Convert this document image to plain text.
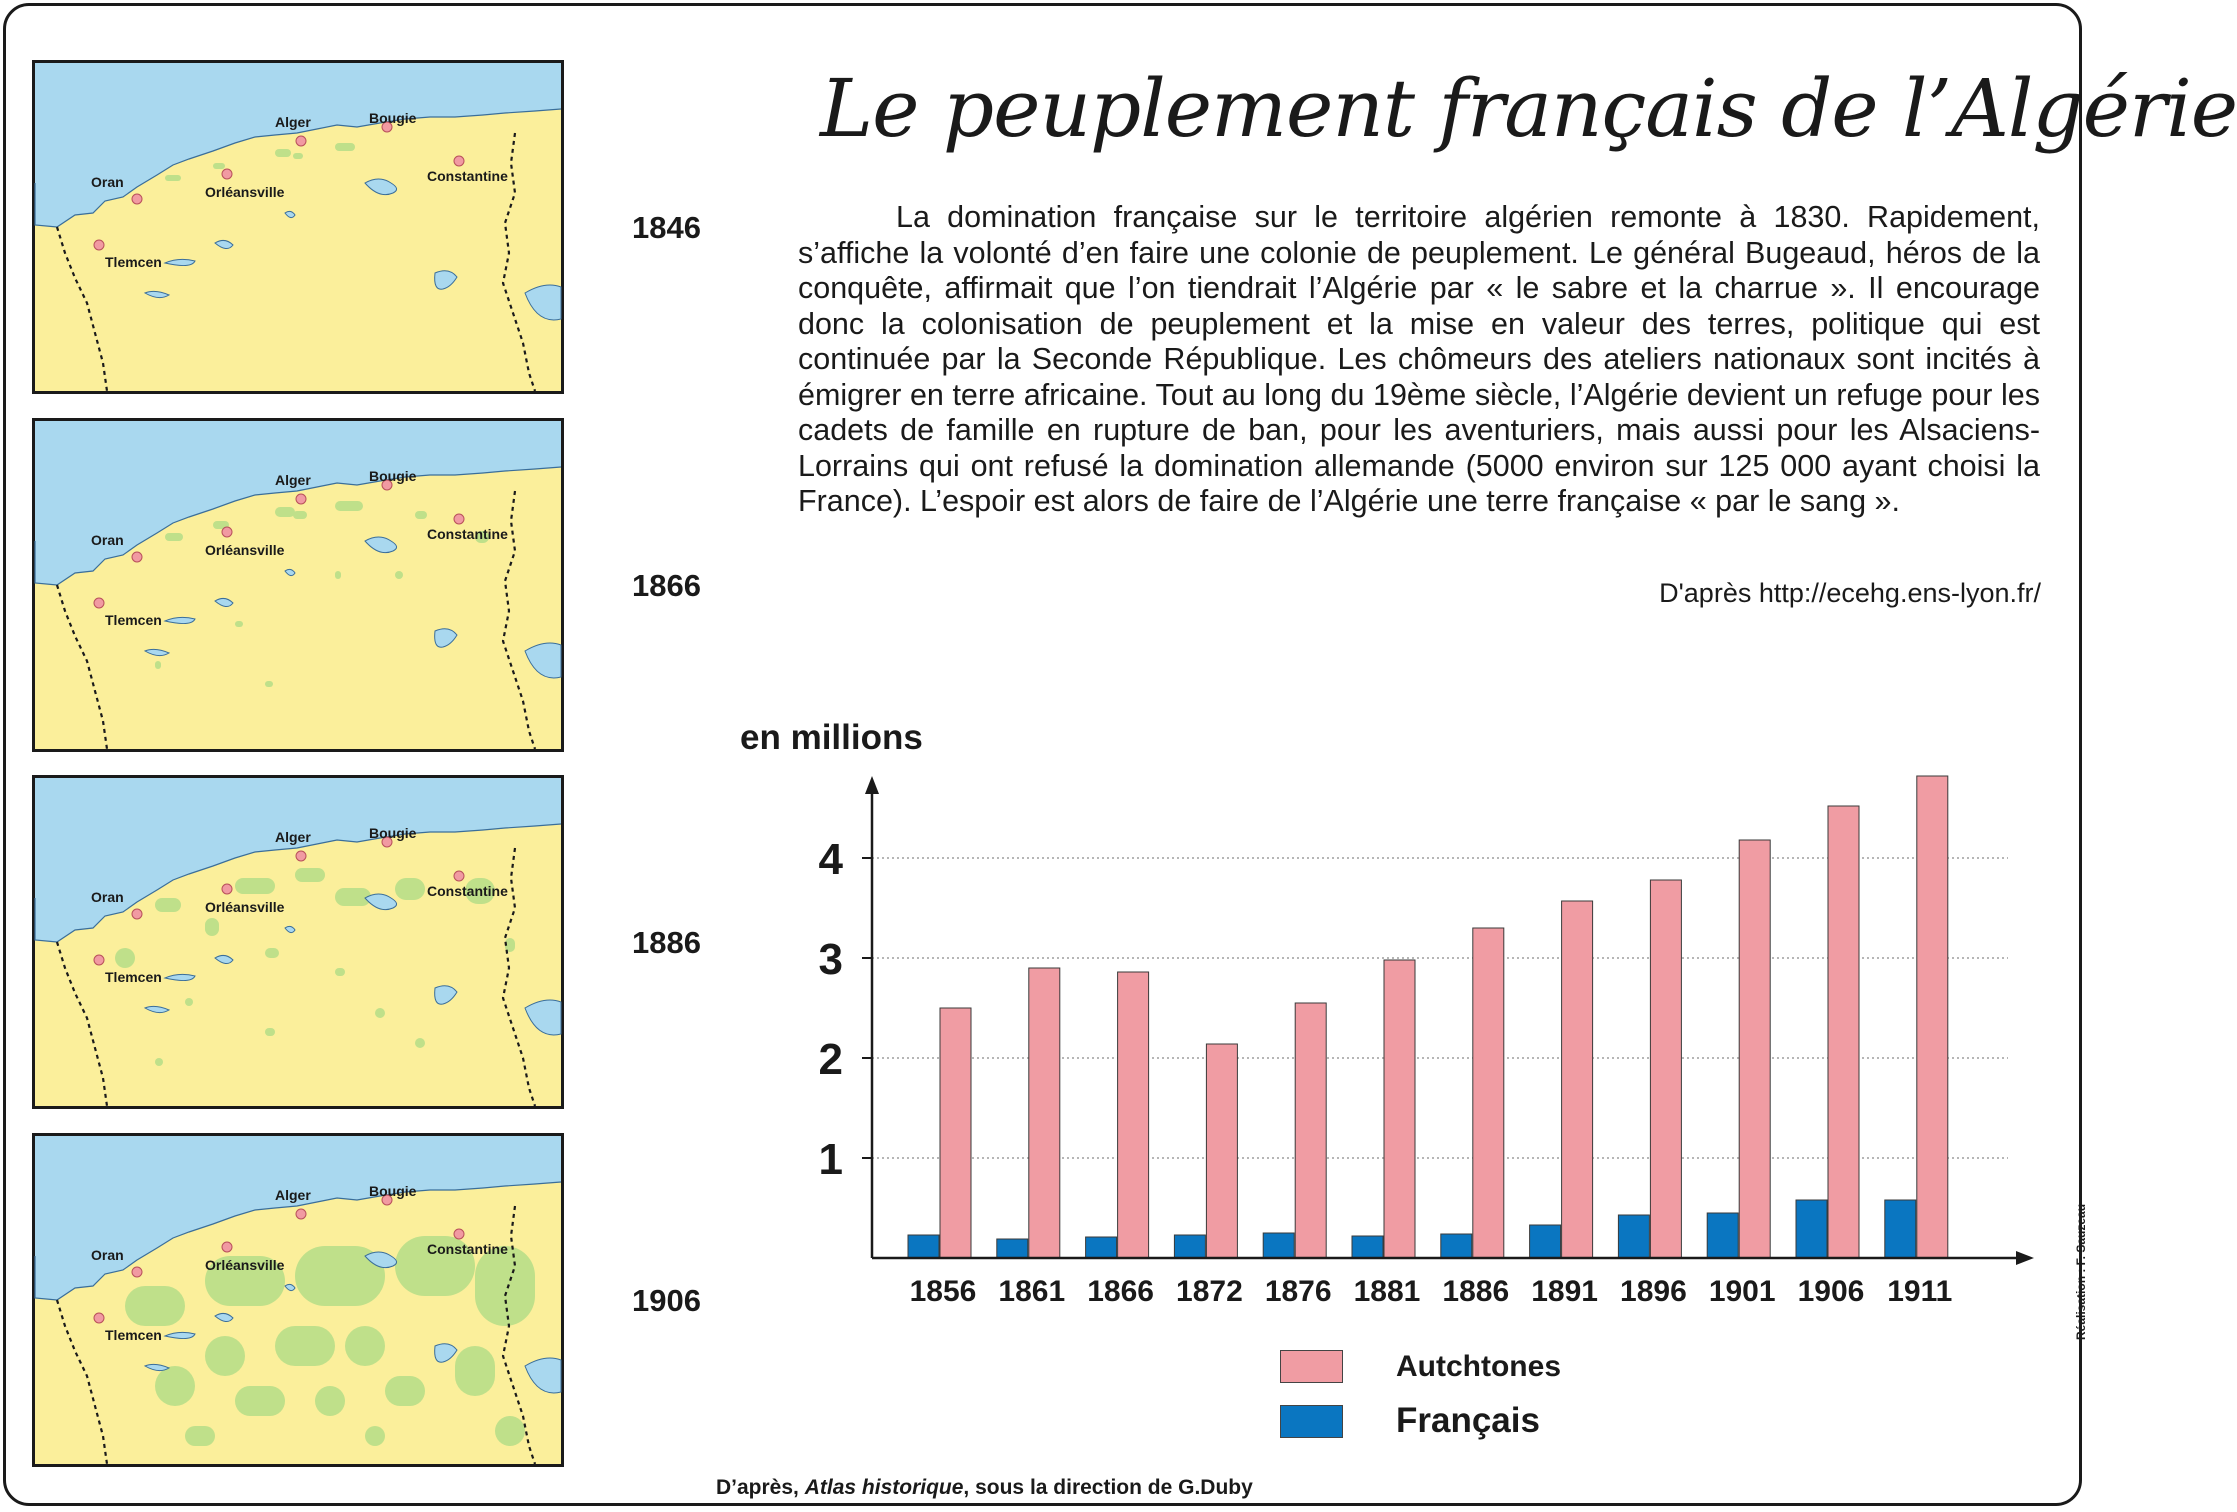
Oran
Orléansville
Alger	Bougie
Constantine
Tlemcen
Oran
Orléansville
Alger	Bougie
Constantine
Tlemcen
Oran
Orléansville
Alger	Bougie
Constantine
Tlemcen
Oran
Orléansville
Alger	Bougie
Constantine
Tlemcen
1846
1866
1886
1906
Le peuplement français de l’Algérie

La domination française sur le territoire algérien remonte à 1830. Rapidement, s’affiche la volonté d’en faire une colonie de peuplement. Le général Bugeaud, héros de la conquête, affirmait que l’on tiendrait l’Algérie par « le sabre et la charrue ». Il encourage donc la colonisation de peuplement et la mise en valeur des terres, politique qui est continuée par la Seconde République. Les chômeurs des ateliers nationaux sont incités à émigrer en terre africaine. Tout au long du 19ème siècle, l’Algérie devient un refuge pour les cadets de famille en rupture de ban, pour les aventuriers, mais aussi pour les Alsaciens-Lorrains qui ont refusé la domination allemande (5000 environ sur 125 000 ayant choisi la France). L’espoir est alors de faire de l’Algérie une terre française « par le sang ».

D'après http://ecehg.ens-lyon.fr/
en millions
1
2
3
4
1856 1861 1866 1872 1876 1881 1886 1891 1896 1901 1906 1911
Autchtones
Français
D’après, Atlas historique, sous la direction de G.Duby
Réalisation : F. Sauzeau
